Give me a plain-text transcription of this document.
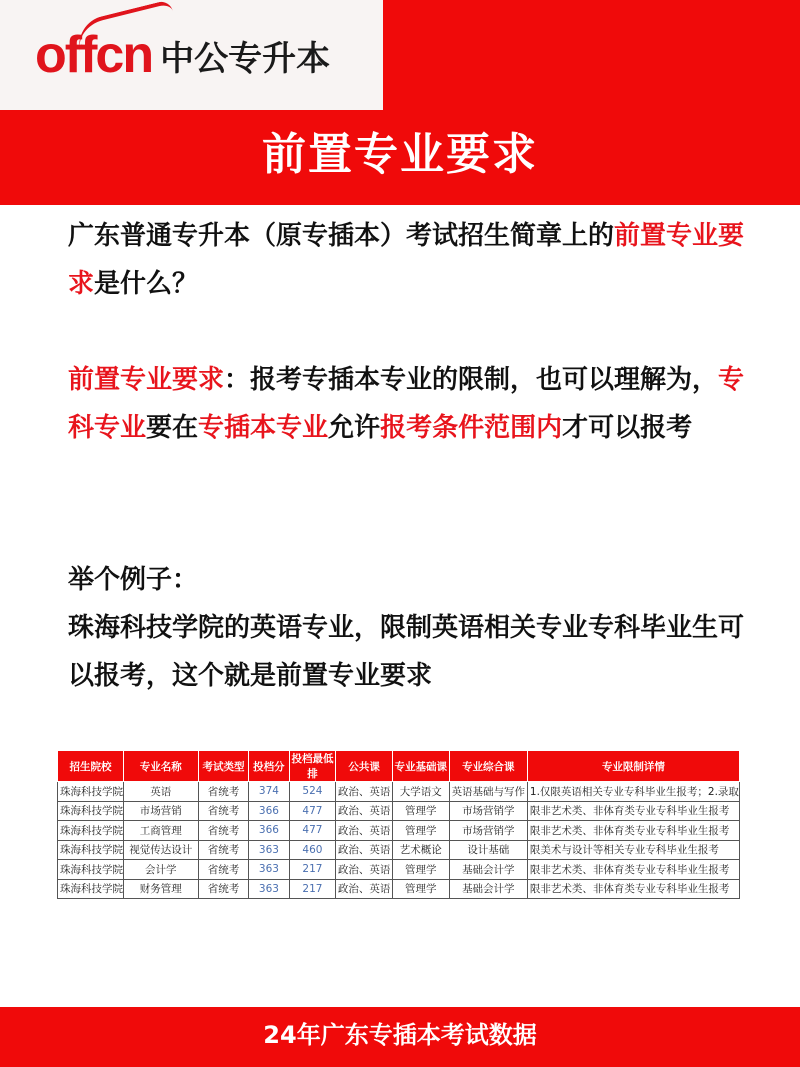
offcn 中公专升本
前置专业要求
广东普通专升本（原专插本）考试招生简章上的前置专业要求是什么？
前置专业要求：报考专插本专业的限制，也可以理解为，专科专业要在专插本专业允许报考条件范围内才可以报考
举个例子：
珠海科技学院的英语专业，限制英语相关专业专科毕业生可以报考，这个就是前置专业要求
招生院校	专业名称	考试类型	投档分	投档最低排	公共课	专业基础课	专业综合课	专业限制详情
珠海科技学院	英语	省统考	374	524	政治、英语	大学语文	英语基础与写作	1.仅限英语相关专业专科毕业生报考；2.录取
珠海科技学院	市场营销	省统考	366	477	政治、英语	管理学	市场营销学	限非艺术类、非体育类专业专科毕业生报考
珠海科技学院	工商管理	省统考	366	477	政治、英语	管理学	市场营销学	限非艺术类、非体育类专业专科毕业生报考
珠海科技学院	视觉传达设计	省统考	363	460	政治、英语	艺术概论	设计基础	限美术与设计等相关专业专科毕业生报考
珠海科技学院	会计学	省统考	363	217	政治、英语	管理学	基础会计学	限非艺术类、非体育类专业专科毕业生报考
珠海科技学院	财务管理	省统考	363	217	政治、英语	管理学	基础会计学	限非艺术类、非体育类专业专科毕业生报考
24年广东专插本考试数据
